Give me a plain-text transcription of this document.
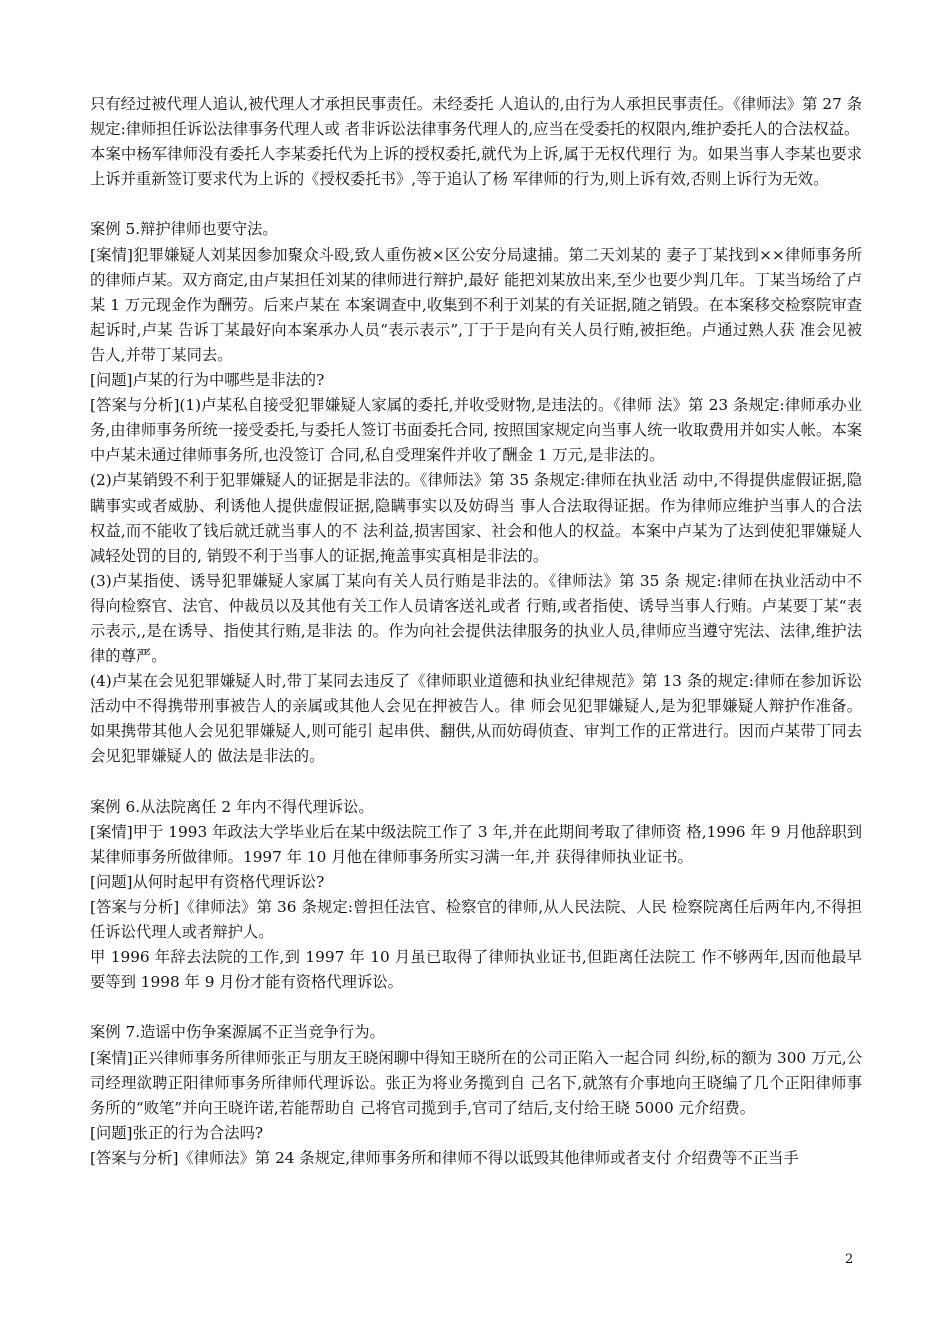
只有经过被代理人追认,被代理人才承担民事责任。未经委托 人追认的,由行为人承担民事责任。《律师法》第 27 条规定:律师担任诉讼法律事务代理人或 者非诉讼法律事务代理人的,应当在受委托的权限内,维护委托人的合法权益。

本案中杨军律师没有委托人李某委托代为上诉的授权委托,就代为上诉,属于无权代理行 为。如果当事人李某也要求上诉并重新签订要求代为上诉的《授权委托书》,等于追认了杨 军律师的行为,则上诉有效,否则上诉行为无效。

案例 5.辩护律师也要守法。

[案情]犯罪嫌疑人刘某因参加聚众斗殴,致人重伤被×区公安分局逮捕。第二天刘某的 妻子丁某找到××律师事务所的律师卢某。双方商定,由卢某担任刘某的律师进行辩护,最好 能把刘某放出来,至少也要少判几年。丁某当场给了卢某 1 万元现金作为酬劳。后来卢某在 本案调查中,收集到不利于刘某的有关证据,随之销毁。在本案移交检察院审查起诉时,卢某 告诉丁某最好向本案承办人员“表示表示”,丁于于是向有关人员行贿,被拒绝。卢通过熟人获 准会见被告人,并带丁某同去。

[问题]卢某的行为中哪些是非法的?

[答案与分析](1)卢某私自接受犯罪嫌疑人家属的委托,并收受财物,是违法的。《律师 法》第 23 条规定:律师承办业务,由律师事务所统一接受委托,与委托人签订书面委托合同, 按照国家规定向当事人统一收取费用并如实人帐。本案中卢某未通过律师事务所,也没签订 合同,私自受理案件并收了酬金 1 万元,是非法的。

(2)卢某销毁不利于犯罪嫌疑人的证据是非法的。《律师法》第 35 条规定:律师在执业活 动中,不得提供虚假证据,隐瞒事实或者威胁、利诱他人提供虚假证据,隐瞒事实以及妨碍当 事人合法取得证据。作为律师应维护当事人的合法权益,而不能收了钱后就迁就当事人的不 法利益,损害国家、社会和他人的权益。本案中卢某为了达到使犯罪嫌疑人减轻处罚的目的, 销毁不利于当事人的证据,掩盖事实真相是非法的。

(3)卢某指使、诱导犯罪嫌疑人家属丁某向有关人员行贿是非法的。《律师法》第 35 条 规定:律师在执业活动中不得向检察官、法官、仲裁员以及其他有关工作人员请客送礼或者 行贿,或者指使、诱导当事人行贿。卢某要丁某“表示表示,,是在诱导、指使其行贿,是非法 的。作为向社会提供法律服务的执业人员,律师应当遵守宪法、法律,维护法律的尊严。

(4)卢某在会见犯罪嫌疑人时,带丁某同去违反了《律师职业道德和执业纪律规范》第 13 条的规定:律师在参加诉讼活动中不得携带刑事被告人的亲属或其他人会见在押被告人。律 师会见犯罪嫌疑人,是为犯罪嫌疑人辩护作准备。如果携带其他人会见犯罪嫌疑人,则可能引 起串供、翻供,从而妨碍侦查、审判工作的正常进行。因而卢某带丁同去会见犯罪嫌疑人的 做法是非法的。

案例 6.从法院离任 2 年内不得代理诉讼。

[案情]甲于 1993 年政法大学毕业后在某中级法院工作了 3 年,并在此期间考取了律师资 格,1996 年 9 月他辞职到某律师事务所做律师。1997 年 10 月他在律师事务所实习满一年,并 获得律师执业证书。

[问题]从何时起甲有资格代理诉讼?

[答案与分析]《律师法》第 36 条规定:曾担任法官、检察官的律师,从人民法院、人民 检察院离任后两年内,不得担任诉讼代理人或者辩护人。

甲 1996 年辞去法院的工作,到 1997 年 10 月虽已取得了律师执业证书,但距离任法院工 作不够两年,因而他最早要等到 1998 年 9 月份才能有资格代理诉讼。

案例 7.造谣中伤争案源属不正当竞争行为。

[案情]正兴律师事务所律师张正与朋友王晓闲聊中得知王晓所在的公司正陷入一起合同 纠纷,标的额为 300 万元,公司经理欲聘正阳律师事务所律师代理诉讼。张正为将业务揽到自 己名下,就煞有介事地向王晓编了几个正阳律师事务所的“败笔”并向王晓许诺,若能帮助自 己将官司揽到手,官司了结后,支付给王晓 5000 元介绍费。

[问题]张正的行为合法吗?

[答案与分析]《律师法》第 24 条规定,律师事务所和律师不得以诋毁其他律师或者支付 介绍费等不正当手

2
